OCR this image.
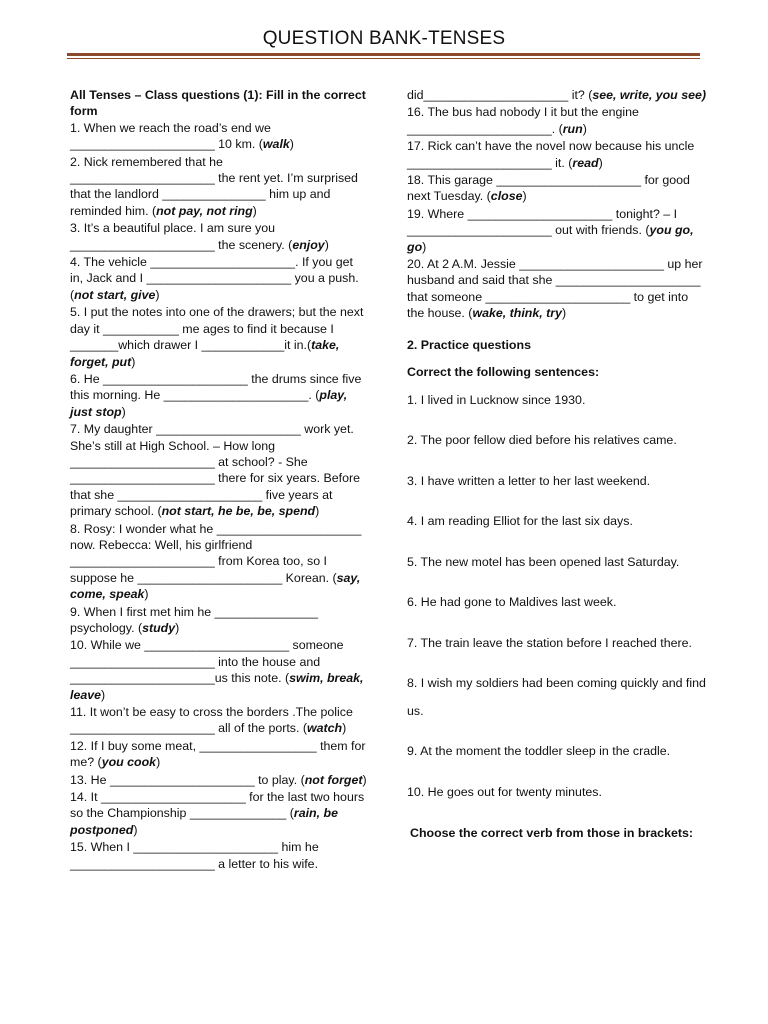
QUESTION BANK-TENSES
All Tenses – Class questions (1): Fill in the correct form
1. When we reach the road’s end we _____________________ 10 km. (walk)
2. Nick remembered that he _____________________ the rent yet. I’m surprised that the landlord _______________ him up and reminded him. (not pay, not ring)
3. It’s a beautiful place. I am sure you _____________________ the scenery. (enjoy)
4. The vehicle _____________________. If you get in, Jack and I _____________________ you a push. (not start, give)
5. I put the notes into one of the drawers; but the next day it ___________ me ages to find it because I _______which drawer I ____________it in.(take, forget, put)
6. He _____________________ the drums since five this morning. He _____________________. (play, just stop)
7. My daughter _____________________ work yet. She’s still at High School. – How long _____________________ at school? - She _____________________ there for six years. Before that she _____________________ five years at primary school. (not start, he be, be, spend)
8. Rosy: I wonder what he _____________________ now. Rebecca: Well, his girlfriend _____________________ from Korea too, so I suppose he _____________________ Korean. (say, come, speak)
9. When I first met him he _______________ psychology. (study)
10. While we _____________________ someone _____________________ into the house and _____________________us this note. (swim, break, leave)
11. It won’t be easy to cross the borders .The police _____________________ all of the ports. (watch)
12. If I buy some meat, _________________ them for me? (you cook)
13. He _____________________ to play. (not forget)
14. It _____________________ for the last two hours so the Championship ______________ (rain, be postponed)
15. When I _____________________ him he _____________________ a letter to his wife.
did_____________________ it? (see, write, you see)
16. The bus had nobody I it but the engine _____________________. (run)
17. Rick can’t have the novel now because his uncle _____________________ it. (read)
18. This garage _____________________ for good next Tuesday. (close)
19. Where _____________________ tonight? – I _____________________ out with friends. (you go, go)
20. At 2 A.M. Jessie _____________________ up her husband and said that she _____________________ that someone _____________________ to get into the house. (wake, think, try)
2. Practice questions
Correct the following sentences:
1. I lived in Lucknow since 1930.
2. The poor fellow died before his relatives came.
3. I have written a letter to her last weekend.
4. I am reading Elliot for the last six days.
5. The new motel has been opened last Saturday.
6. He had gone to Maldives last week.
7. The train leave the station before I reached there.
8. I wish my soldiers had been coming quickly and find us.
9. At the moment the toddler sleep in the cradle.
10. He goes out for twenty minutes.
Choose the correct verb from those in brackets:
